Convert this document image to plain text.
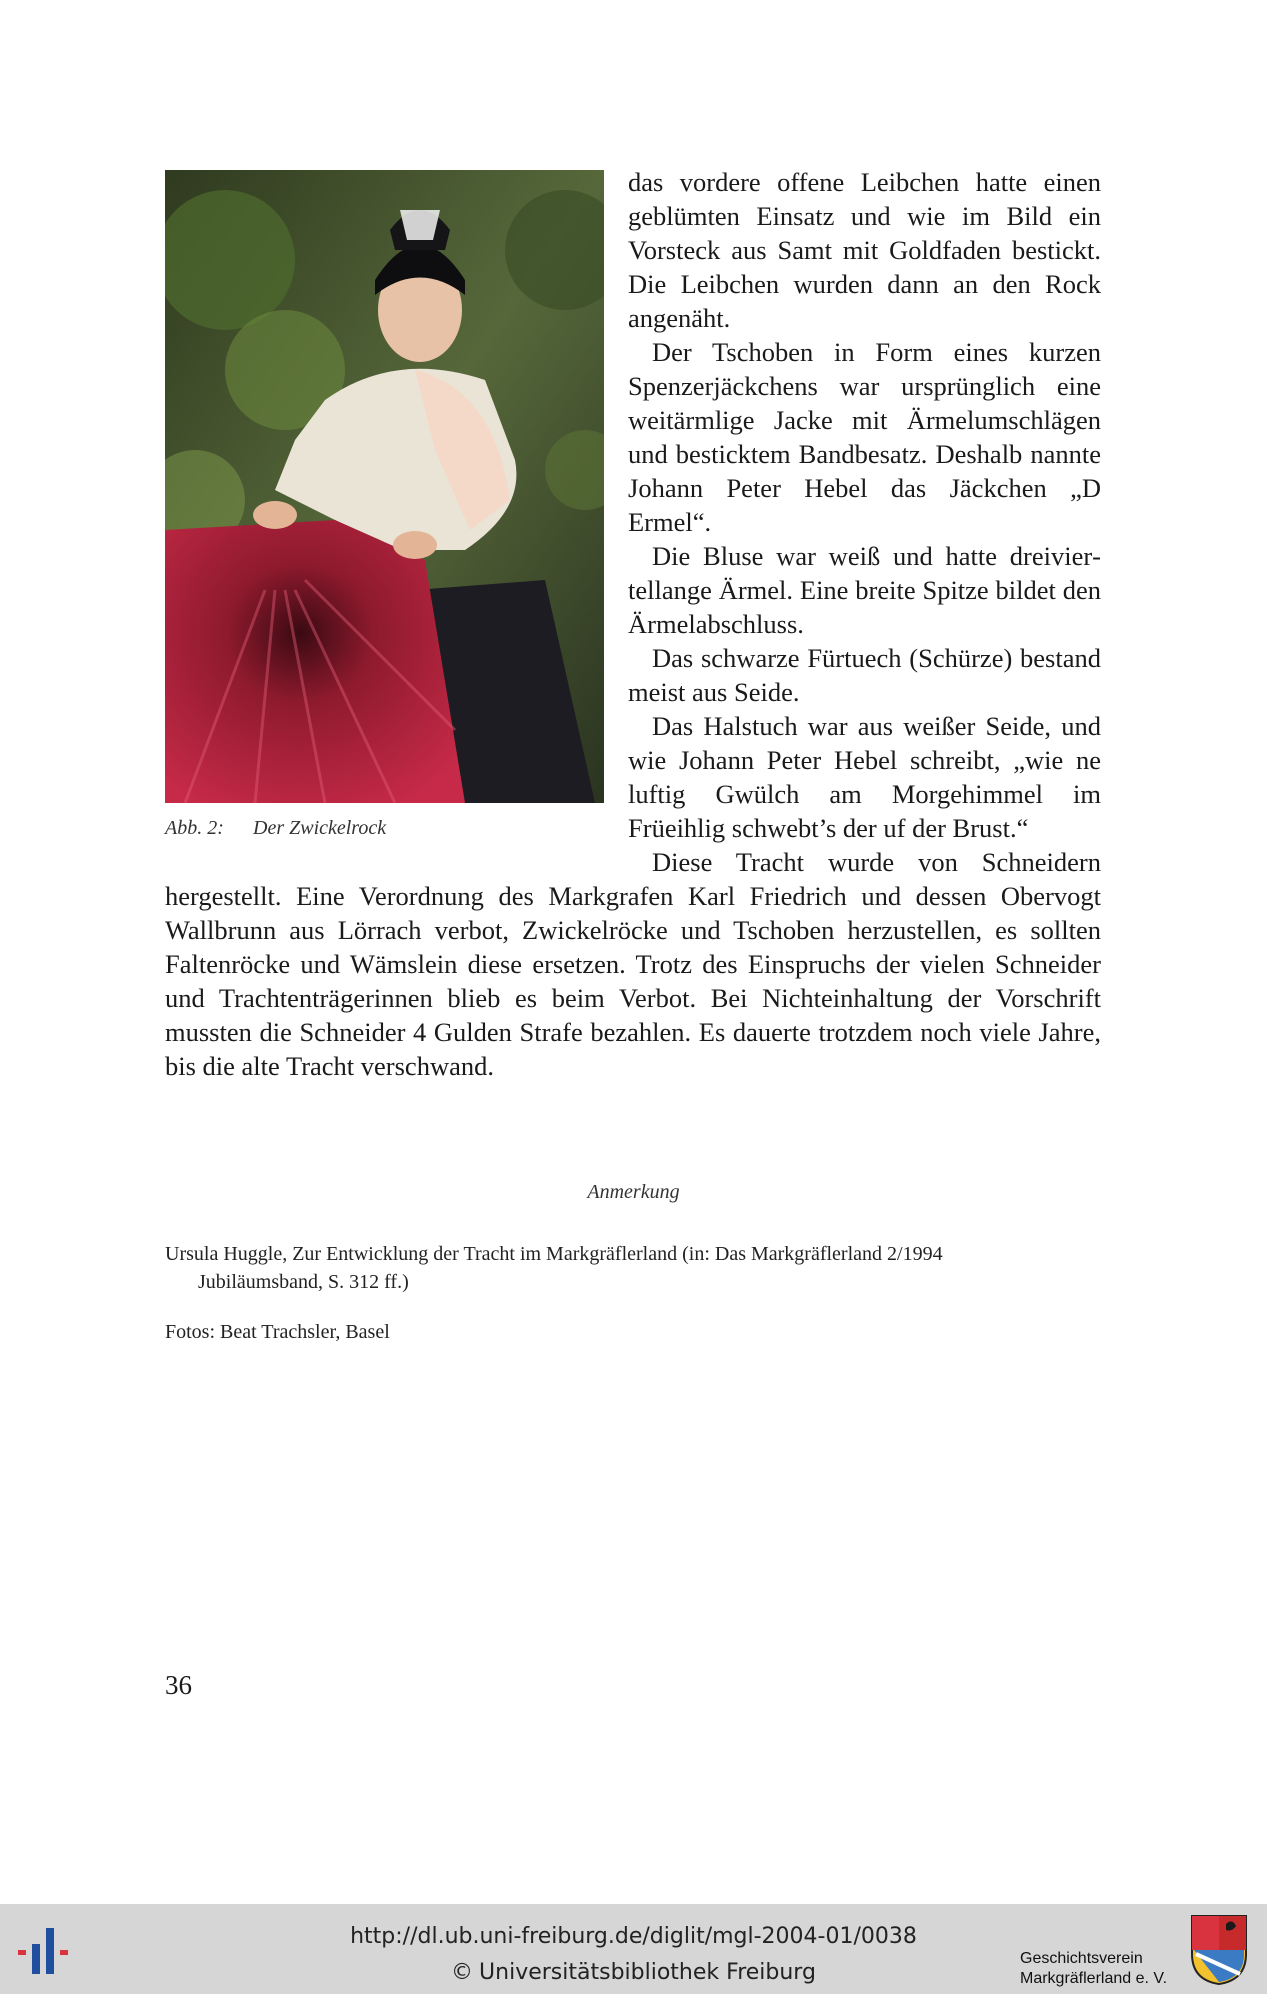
Abb. 2: Der Zwickelrock

das vordere offene Leibchen hatte einen geblümten Einsatz und wie im Bild ein Vorsteck aus Samt mit Goldfaden bestickt. Die Leibchen wurden dann an den Rock angenäht.

Der Tschoben in Form eines kurzen Spenzerjäckchens war ursprünglich eine weitärmlige Jacke mit Ärmelumschlägen und besticktem Bandbesatz. Deshalb nannte Johann Peter Hebel das Jäckchen „D Ermel“.

Die Bluse war weiß und hatte dreiviertellange Ärmel. Eine breite Spitze bildet den Ärmelabschluss.

Das schwarze Fürtuech (Schürze) bestand meist aus Seide.

Das Halstuch war aus weißer Seide, und wie Johann Peter Hebel schreibt, „wie ne luftig Gwülch am Morgehimmel im Früeihlig schwebt’s der uf der Brust.“

Diese Tracht wurde von Schneidern
hergestellt. Eine Verordnung des Markgrafen Karl Friedrich und dessen Obervogt Wallbrunn aus Lörrach verbot, Zwickelröcke und Tschoben herzustellen, es sollten Faltenröcke und Wämslein diese ersetzen. Trotz des Einspruchs der vielen Schneider und Trachtenträgerinnen blieb es beim Verbot. Bei Nichteinhaltung der Vorschrift mussten die Schneider 4 Gulden Strafe bezahlen. Es dauerte trotzdem noch viele Jahre, bis die alte Tracht verschwand.
Anmerkung
Ursula Huggle, Zur Entwicklung der Tracht im Markgräflerland (in: Das Markgräflerland 2/1994
Jubiläumsband, S. 312 ff.)
Fotos: Beat Trachsler, Basel
36
http://dl.ub.uni-freiburg.de/diglit/mgl-2004-01/0038
© Universitätsbibliothek Freiburg
Geschichtsverein
Markgräflerland e. V.
